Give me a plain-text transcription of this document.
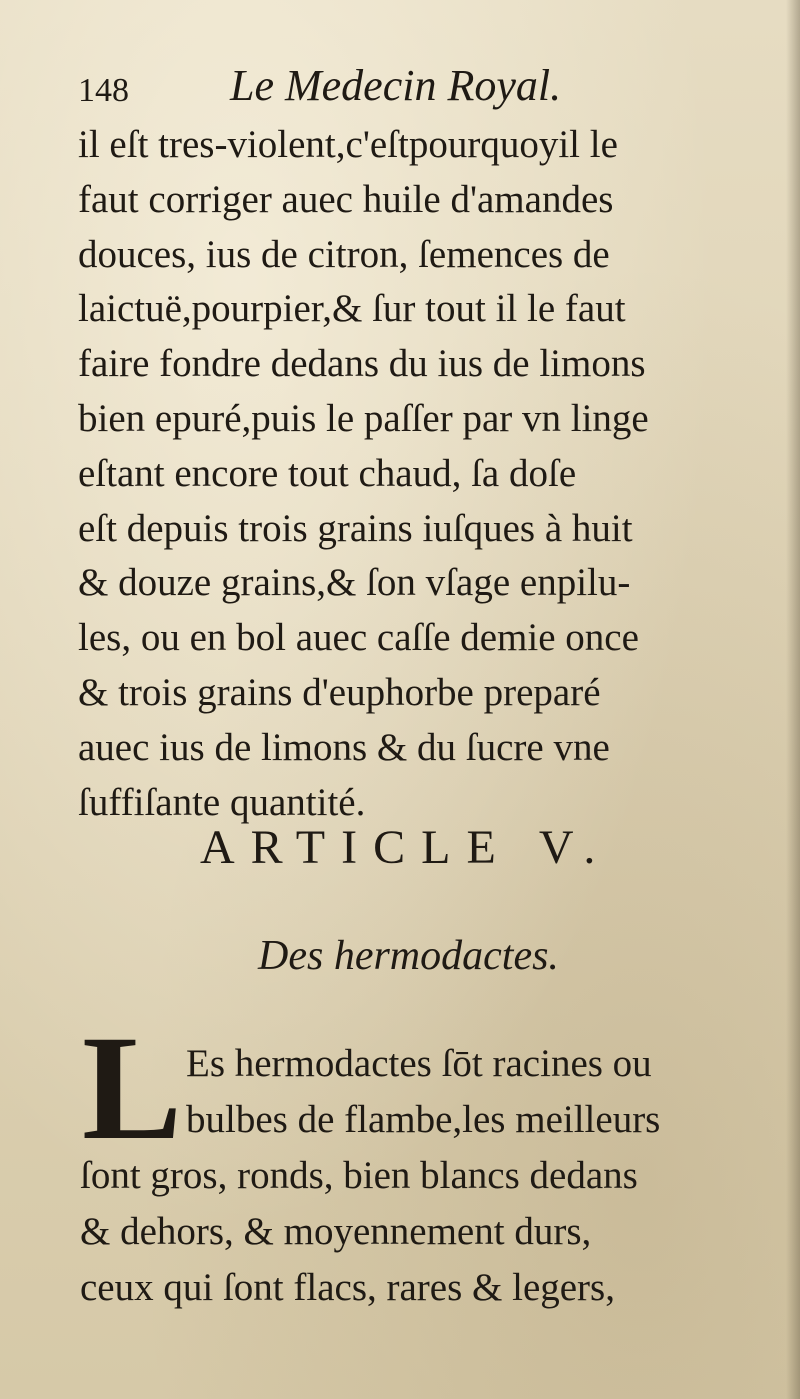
148 Le Medecin Royal.
il eſt tres-violent,c'eſtpourquoyil le
faut corriger auec huile d'amandes
douces, ius de citron, ſemences de
laictuë,pourpier,& ſur tout il le faut
faire fondre dedans du ius de limons
bien epuré,puis le paſſer par vn linge
eſtant encore tout chaud, ſa doſe
eſt depuis trois grains iuſques à huit
& douze grains,& ſon vſage enpilu-
les, ou en bol auec caſſe demie once
& trois grains d'euphorbe preparé
auec ius de limons & du ſucre vne
ſuffiſante quantité.
ARTICLE V.
Des hermodactes.
L Es hermodactes ſōt racines ou
bulbes de flambe,les meilleurs
ſont gros, ronds, bien blancs dedans
& dehors, & moyennement durs,
ceux qui ſont flacs, rares & legers,
